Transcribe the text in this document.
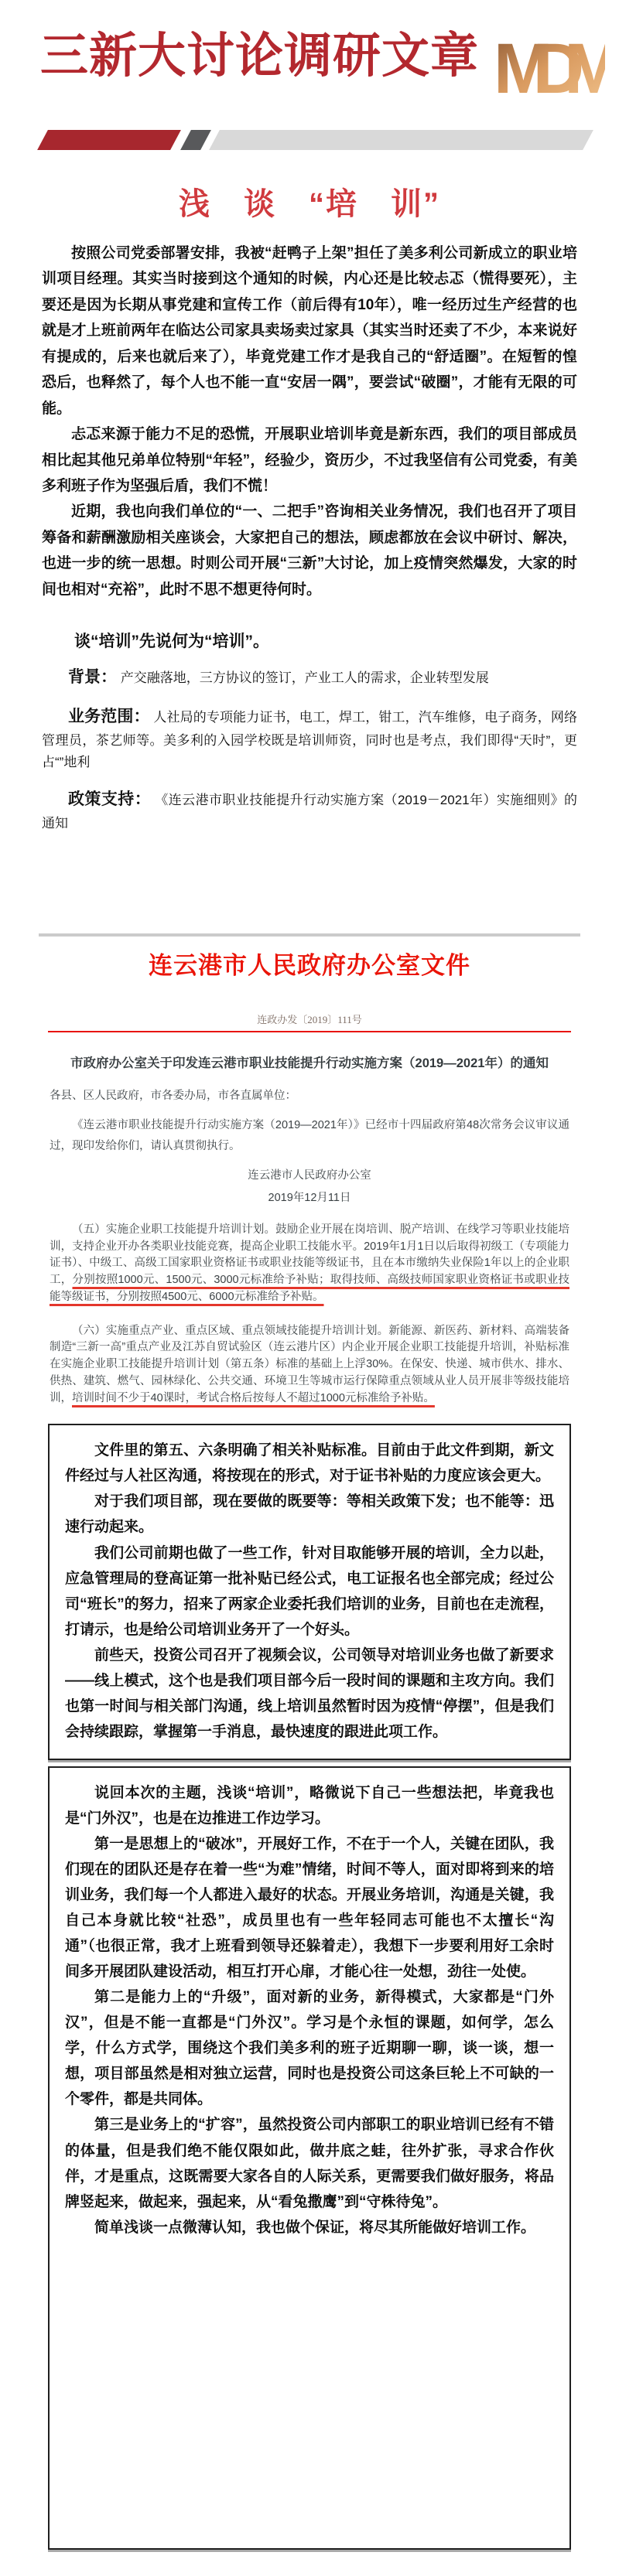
三新大讨论调研文章 MDM
浅　谈　“培　训”

按照公司党委部署安排，我被“赶鸭子上架”担任了美多利公司新成立的职业培训项目经理。其实当时接到这个通知的时候，内心还是比较忐忑（慌得要死），主要还是因为长期从事党建和宣传工作（前后得有10年），唯一经历过生产经营的也就是才上班前两年在临达公司家具卖场卖过家具（其实当时还卖了不少，本来说好有提成的，后来也就后来了），毕竟党建工作才是我自己的“舒适圈”。在短暂的惶恐后，也释然了，每个人也不能一直“安居一隅”，要尝试“破圈”，才能有无限的可能。

忐忑来源于能力不足的恐慌，开展职业培训毕竟是新东西，我们的项目部成员相比起其他兄弟单位特别“年轻”，经验少，资历少，不过我坚信有公司党委，有美多利班子作为坚强后盾，我们不慌！

近期，我也向我们单位的“一、二把手”咨询相关业务情况，我们也召开了项目筹备和薪酬激励相关座谈会，大家把自己的想法，顾虑都放在会议中研讨、解决，也进一步的统一思想。时则公司开展“三新”大讨论，加上疫情突然爆发，大家的时间也相对“充裕”，此时不思不想更待何时。

谈“培训”先说何为“培训”。

背景： 产交融落地，三方协议的签订，产业工人的需求，企业转型发展

业务范围： 人社局的专项能力证书，电工，焊工，钳工，汽车维修，电子商务，网络管理员，茶艺师等。美多利的入园学校既是培训师资，同时也是考点，我们即得“天时”，更占“”地利

政策支持： 《连云港市职业技能提升行动实施方案（2019－2021年）实施细则》的通知

连云港市人民政府办公室文件
连政办发〔2019〕111号
市政府办公室关于印发连云港市职业技能提升行动实施方案（2019—2021年）的通知

各县、区人民政府，市各委办局，市各直属单位：

《连云港市职业技能提升行动实施方案（2019—2021年）》已经市十四届政府第48次常务会议审议通过，现印发给你们，请认真贯彻执行。

连云港市人民政府办公室

2019年12月11日

（五）实施企业职工技能提升培训计划。鼓励企业开展在岗培训、脱产培训、在线学习等职业技能培训，支持企业开办各类职业技能竞赛，提高企业职工技能水平。2019年1月1日以后取得初级工（专项能力证书）、中级工、高级工国家职业资格证书或职业技能等级证书，且在本市缴纳失业保险1年以上的企业职工，分别按照1000元、1500元、3000元标准给予补贴；取得技师、高级技师国家职业资格证书或职业技能等级证书，分别按照4500元、6000元标准给予补贴。

（六）实施重点产业、重点区域、重点领域技能提升培训计划。新能源、新医药、新材料、高端装备制造“三新一高”重点产业及江苏自贸试验区（连云港片区）内企业开展企业职工技能提升培训，补贴标准在实施企业职工技能提升培训计划（第五条）标准的基础上上浮30%。在保安、快递、城市供水、排水、供热、建筑、燃气、园林绿化、公共交通、环境卫生等城市运行保障重点领域从业人员开展非等级技能培训，培训时间不少于40课时，考试合格后按每人不超过1000元标准给予补贴。

文件里的第五、六条明确了相关补贴标准。目前由于此文件到期，新文件经过与人社区沟通，将按现在的形式，对于证书补贴的力度应该会更大。

对于我们项目部，现在要做的既要等：等相关政策下发；也不能等：迅速行动起来。

我们公司前期也做了一些工作，针对目取能够开展的培训，全力以赴，应急管理局的登高证第一批补贴已经公式，电工证报名也全部完成；经过公司“班长”的努力，招来了两家企业委托我们培训的业务，目前也在走流程，打请示，也是给公司培训业务开了一个好头。

前些天，投资公司召开了视频会议，公司领导对培训业务也做了新要求——线上模式，这个也是我们项目部今后一段时间的课题和主攻方向。我们也第一时间与相关部门沟通，线上培训虽然暂时因为疫情“停摆”，但是我们会持续跟踪，掌握第一手消息，最快速度的跟进此项工作。

说回本次的主题，浅谈“培训”，略微说下自己一些想法把，毕竟我也是“门外汉”，也是在边推进工作边学习。

第一是思想上的“破冰”，开展好工作，不在于一个人，关键在团队，我们现在的团队还是存在着一些“为难”情绪，时间不等人，面对即将到来的培训业务，我们每一个人都进入最好的状态。开展业务培训，沟通是关键，我自己本身就比较“社恐”，成员里也有一些年轻同志可能也不太擅长“沟通”（也很正常，我才上班看到领导还躲着走），我想下一步要利用好工余时间多开展团队建设活动，相互打开心扉，才能心往一处想，劲往一处使。

第二是能力上的“升级”，面对新的业务，新得模式，大家都是“门外汉”，但是不能一直都是“门外汉”。学习是个永恒的课题，如何学，怎么学，什么方式学，围绕这个我们美多利的班子近期聊一聊，谈一谈，想一想，项目部虽然是相对独立运营，同时也是投资公司这条巨轮上不可缺的一个零件，都是共同体。

第三是业务上的“扩容”，虽然投资公司内部职工的职业培训已经有不错的体量，但是我们绝不能仅限如此，做井底之蛙，往外扩张，寻求合作伙伴，才是重点，这既需要大家各自的人际关系，更需要我们做好服务，将品牌竖起来，做起来，强起来，从“看兔撒鹰”到“守株待兔”。

简单浅谈一点微薄认知，我也做个保证，将尽其所能做好培训工作。
